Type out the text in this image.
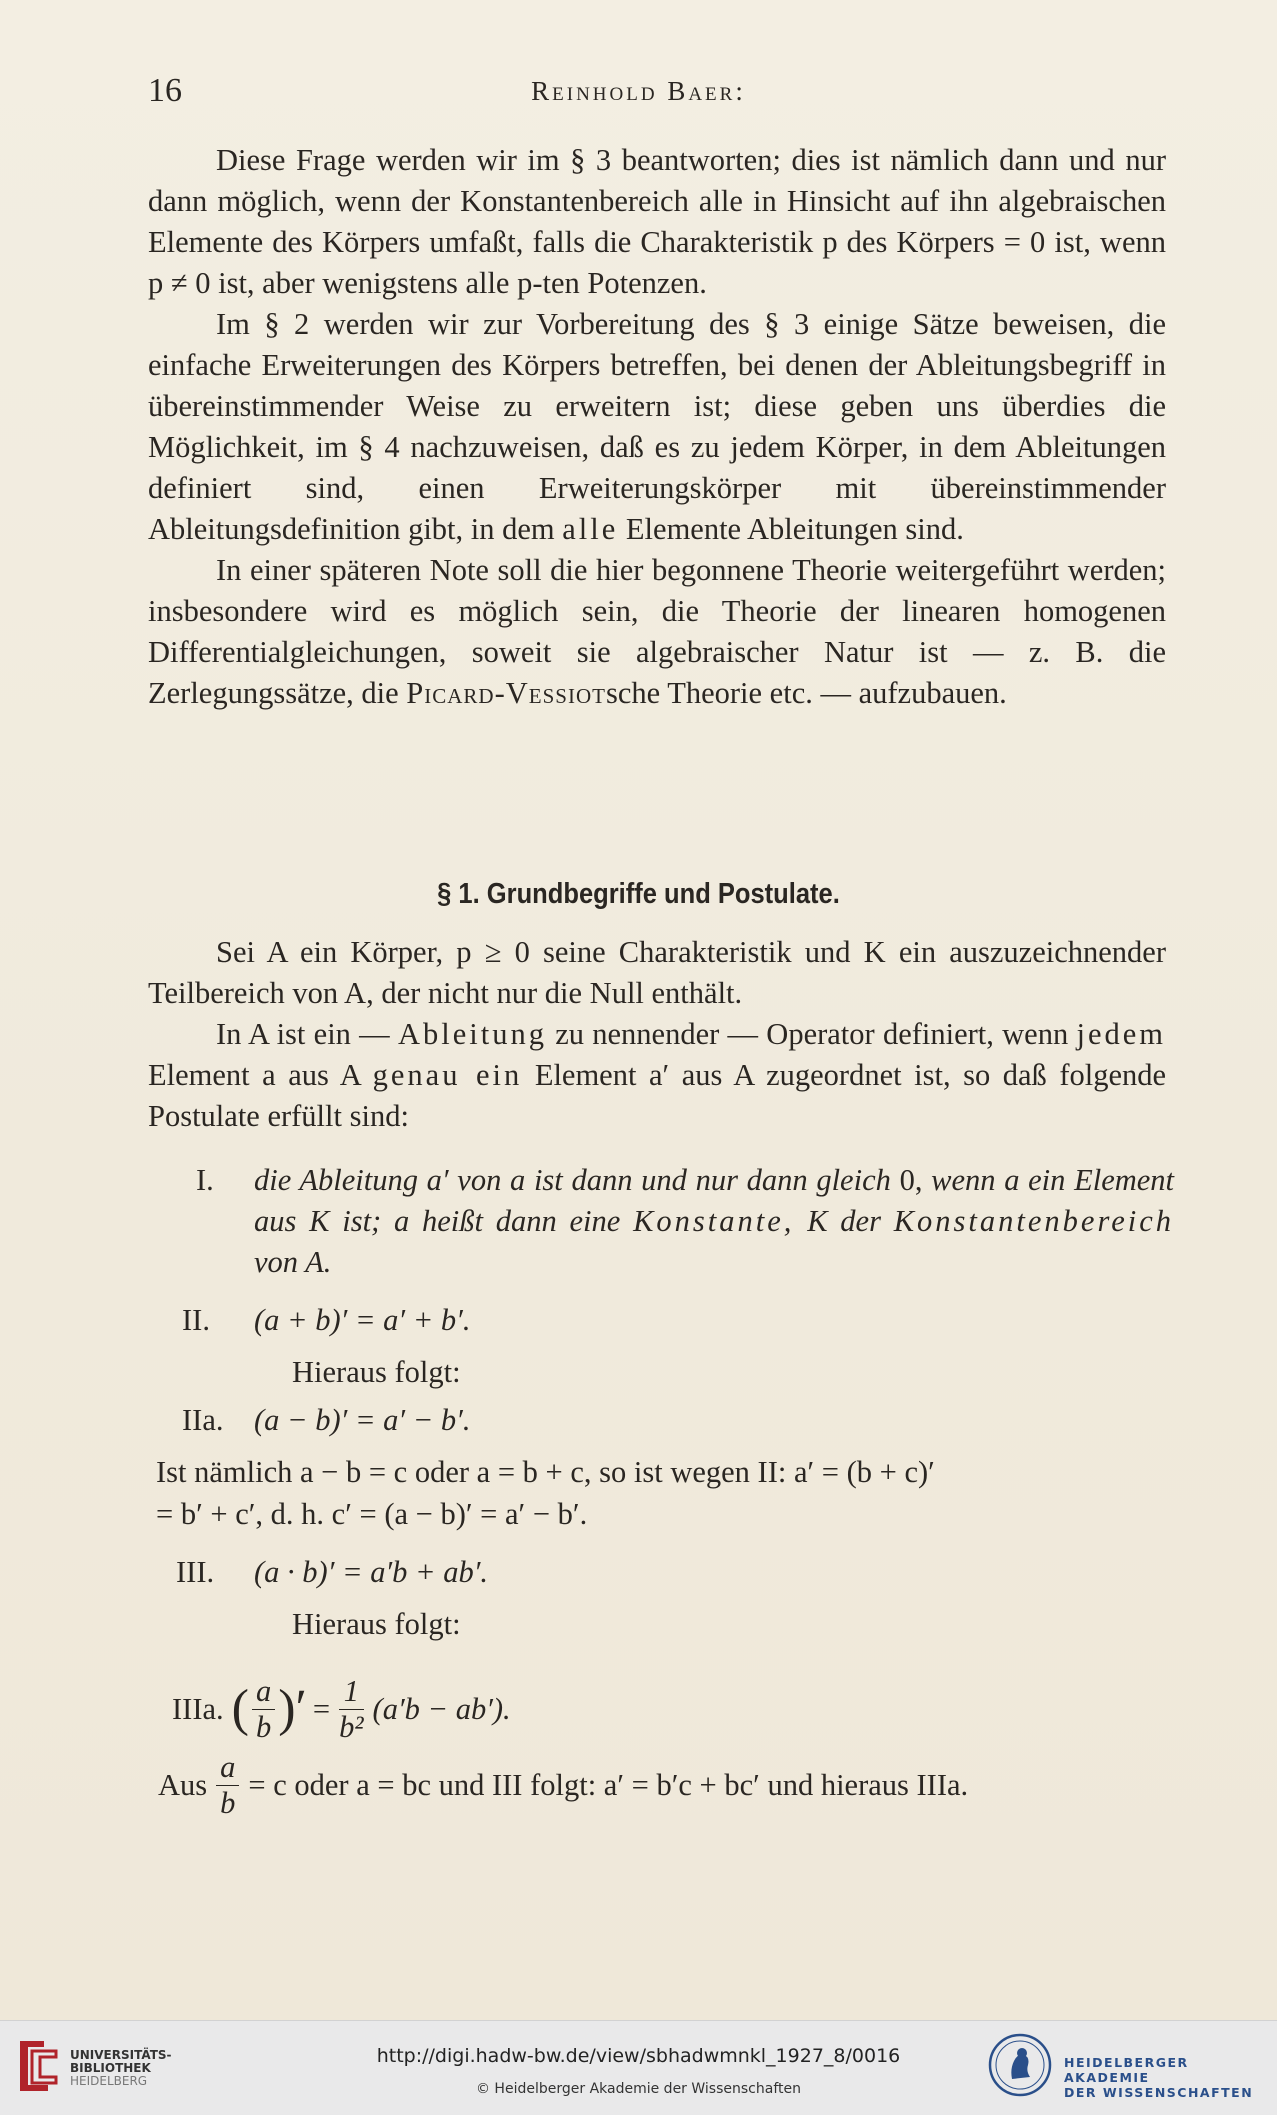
16	Reinhold Baer:

Diese Frage werden wir im § 3 beantworten; dies ist nämlich dann und nur dann möglich, wenn der Konstantenbereich alle in Hinsicht auf ihn algebraischen Elemente des Körpers umfaßt, falls die Charakteristik p des Körpers = 0 ist, wenn p ≠ 0 ist, aber wenigstens alle p-ten Potenzen.

Im § 2 werden wir zur Vorbereitung des § 3 einige Sätze beweisen, die einfache Erweiterungen des Körpers betreffen, bei denen der Ableitungsbegriff in übereinstimmender Weise zu erweitern ist; diese geben uns überdies die Möglichkeit, im § 4 nachzuweisen, daß es zu jedem Körper, in dem Ableitungen definiert sind, einen Erweiterungskörper mit übereinstimmender Ableitungsdefinition gibt, in dem alle Elemente Ableitungen sind.

In einer späteren Note soll die hier begonnene Theorie weitergeführt werden; insbesondere wird es möglich sein, die Theorie der linearen homogenen Differentialgleichungen, soweit sie algebraischer Natur ist — z. B. die Zerlegungssätze, die Picard-Vessiotsche Theorie etc. — aufzubauen.

§ 1. Grundbegriffe und Postulate.

Sei A ein Körper, p ≥ 0 seine Charakteristik und K ein auszuzeichnender Teilbereich von A, der nicht nur die Null enthält.

In A ist ein — Ableitung zu nennender — Operator definiert, wenn jedem Element a aus A genau ein Element a′ aus A zugeordnet ist, so daß folgende Postulate erfüllt sind:

I. die Ableitung a′ von a ist dann und nur dann gleich 0, wenn a ein Element aus K ist; a heißt dann eine Konstante, K der Konstantenbereich von A.
II. (a + b)′ = a′ + b′.
Hieraus folgt:
IIa. (a − b)′ = a′ − b′.
Ist nämlich a − b = c oder a = b + c, so ist wegen II: a′ = (b + c)′
= b′ + c′, d. h. c′ = (a − b)′ = a′ − b′.
III. (a · b)′ = a′b + ab′.
Hieraus folgt:
IIIa. ( $\frac{a}{b}$ )′ = $\frac{1}{\text{b²}} (a'b - ab')$.
Aus $\frac{a}{b} = c$ oder a = bc und III folgt: a′ = b′c + bc′ und hieraus IIIa.
UNIVERSITÄTS-
BIBLIOTHEK
HEIDELBERG
http://digi.hadw-bw.de/view/sbhadwmnkl_1927_8/0016
© Heidelberger Akademie der Wissenschaften
HEIDELBERGER AKADEMIE
DER WISSENSCHAFTEN
